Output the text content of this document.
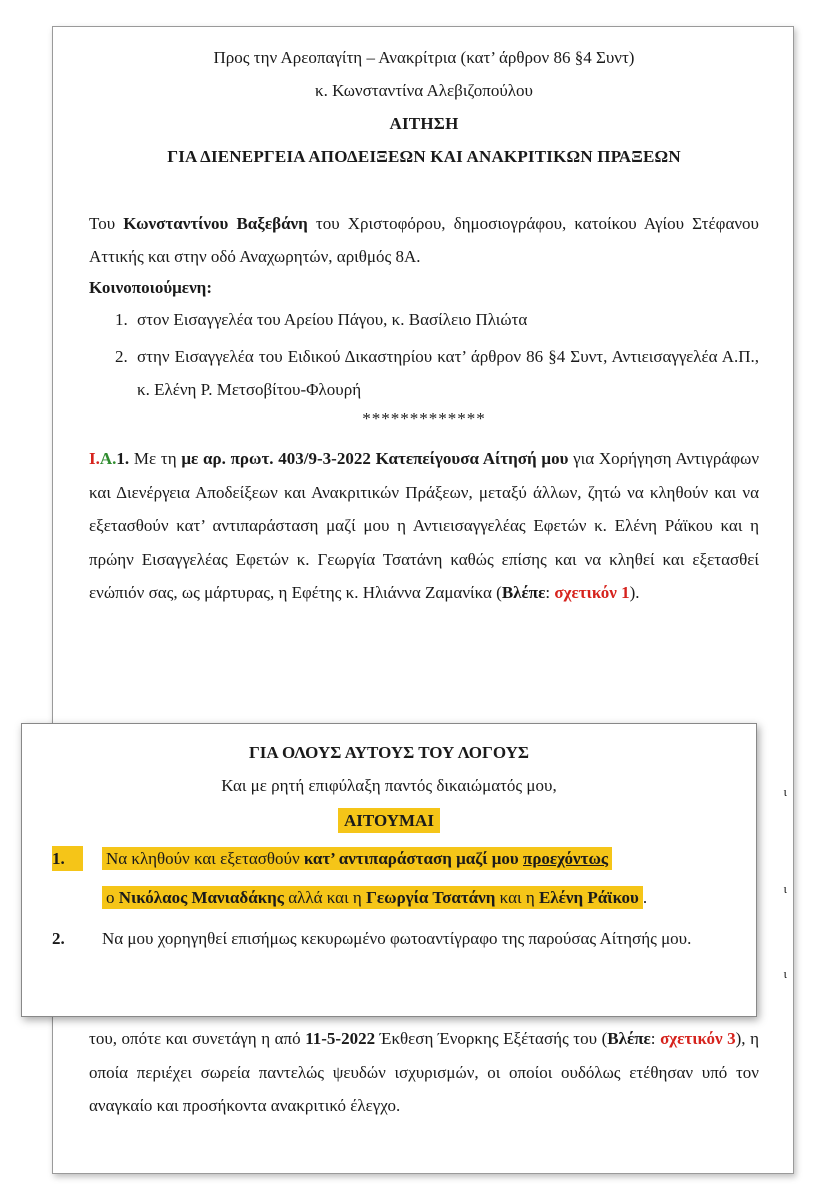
Προς την Αρεοπαγίτη – Ανακρίτρια (κατ’ άρθρον 86 §4 Συντ)
κ. Κωνσταντίνα Αλεβιζοπούλου
ΑΙΤΗΣΗ
ΓΙΑ ΔΙΕΝΕΡΓΕΙΑ ΑΠΟΔΕΙΞΕΩΝ ΚΑΙ ΑΝΑΚΡΙΤΙΚΩΝ ΠΡΑΞΕΩΝ

Του Κωνσταντίνου Βαξεβάνη του Χριστοφόρου, δημοσιογράφου, κατοίκου Αγίου Στέφανου Αττικής και στην οδό Αναχωρητών, αριθμός 8Α.

Κοινοποιούμενη:

1. στον Εισαγγελέα του Αρείου Πάγου, κ. Βασίλειο Πλιώτα
2. στην Εισαγγελέα του Ειδικού Δικαστηρίου κατ’ άρθρον 86 §4 Συντ, Αντιεισαγγελέα Α.Π., κ. Ελένη Ρ. Μετσοβίτου-Φλουρή
*************

Ι.Α.1. Με τη με αρ. πρωτ. 403/9-3-2022 Κατεπείγουσα Αίτησή μου για Χορήγηση Αντιγράφων και Διενέργεια Αποδείξεων και Ανακριτικών Πράξεων, μεταξύ άλλων, ζητώ να κληθούν και να εξετασθούν κατ’ αντιπαράσταση μαζί μου η Αντιεισαγγελέας Εφετών κ. Ελένη Ράϊκου και η πρώην Εισαγγελέας Εφετών κ. Γεωργία Τσατάνη καθώς επίσης και να κληθεί και εξετασθεί ενώπιόν σας, ως μάρτυρας, η Εφέτης κ. Ηλιάννα Ζαμανίκα (Βλέπε: σχετικόν 1).

του, οπότε και συνετάγη η από 11-5-2022 Έκθεση Ένορκης Εξέτασής του (Βλέπε: σχετικόν 3), η οποία περιέχει σωρεία παντελώς ψευδών ισχυρισμών, οι οποίοι ουδόλως ετέθησαν υπό τον αναγκαίο και προσήκοντα ανακριτικό έλεγχο.

ι
ι
ι
ΓΙΑ ΟΛΟΥΣ ΑΥΤΟΥΣ ΤΟΥ ΛΟΓΟΥΣ
Και με ρητή επιφύλαξη παντός δικαιώματός μου,
ΑΙΤΟΥΜΑΙ
1.	Να κληθούν και εξετασθούν κατ’ αντιπαράσταση μαζί μου προεχόντως
ο Νικόλαος Μανιαδάκης αλλά και η Γεωργία Τσατάνη και η Ελένη Ράϊκου .
2. Να μου χορηγηθεί επισήμως κεκυρωμένο φωτοαντίγραφο της παρούσας Αίτησής μου.
